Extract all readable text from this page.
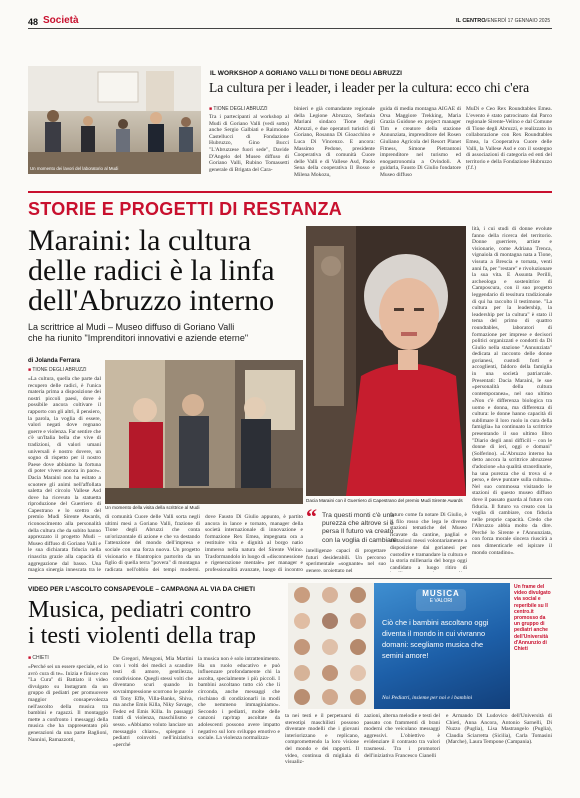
48 Società	IL CENTRO
VENERDÌ 17 GENNAIO 2025
Un momento dei lavori del laboratorio al Mudi
IL WORKSHOP A GORIANO VALLI DI TIONE DEGLI ABRUZZI
La cultura per i leader, i leader per la cultura: ecco chi c'era
■ TIONE DEGLI ABRUZZI
Tra i partecipanti al workshop al Mudi di Goriano Valli (vedi sotto) anche Sergio Galbiati e Raimondo Castellucci di Fondazione Hubruzzo, Gino Bucci "L'Abruzzese fuori sede", Davide D'Angelo del Museo diffuso di Goriano Valli, Rubino Tomassetti generale di Brigata del Cara-
binieri e già comandante regionale della Legione Abruzzo, Stefania Mariani sindaco Tione degli Abruzzi, e due operatori turistici di Goriano, Rosanna Di Gioacchino e Luca Di Vincenzo. E ancora: Massimo Pedone, presidente Cooperativa di comunità Cuore delle Valli e di Vallese Asd, Paolo Sena della cooperativa Il Bosso e Milena Mokozu,
guida di media montagna AIGAE di Orsa Maggiore Trekking, Maria Grazia Guidone ex project manager Tim e creatore della stazione Annunziata, imprenditore del Rosen Giuliano Agricola del Resort Planet Fitness, Simone Pietrantoni imprenditore nel turismo ed enogastronomia a Ovindoli. A guidarla, Fausto Di Giulio fondatore Museo diffuso
MuDi e Ceo Rex Roundtables Emea. L'evento è stato patrocinato dal Parco regionale Sirente-Velino e dal Comune di Tione degli Abruzzi, e realizzato in collaborazione con Rex Roundtables Emea, la Cooperativa Cuore delle Valli, la Vallese Asd e con il sostegno di associazioni di categoria ed enti del territorio e della Fondazione Hubruzzo (f.f.)
STORIE E PROGETTI DI RESTANZA
Maraini: la cultura
delle radici è la linfa
dell'Abruzzo interno
La scrittrice al Mudi – Museo diffuso di Goriano Valli
che ha riunito "Imprenditori innovativi e aziende eterne"
di Jolanda Ferrara
■ TIONE DEGLI ABRUZZI
«La cultura, quella che parte dal recupero delle radici, è l'unica materia prima a disposizione dei nostri piccoli paesi, dove è possibile ancora coltivare il rapporto con gli altri, il pensiero, la parola, la voglia di essere, valori negati dove regnano guerre e violenza. Far sentire che c'è un'Italia bella che vive di tradizioni, di valori umani universali è nostro dovere, un sogno di rispetto per il nostro Paese dove abbiamo la fortuna di poter vivere ancora in pace». Dacia Maraini non ha esitato a scuotere gli animi nell'affollata saletta del circolo Vallese Asd dove ha ricevuto la statuetta riproduzione del Guerriero di Capestrano e lo scettro del premio Mudi Sirente Awards, riconoscimento alla personalità della cultura che da subito hanno apprezzato il progetto Mudi – Museo diffuso di Goriano Valli e le sua dichiarata fiducia nella rinascita grazie alla capacità di aggregazione dal basso. Una magica sinergia innescata tra le
Un momento della visita della scrittrice al Mudi
di comunità Cuore delle Valli sorta negli ultimi mesi a Goriano Valli, frazione di Tione degli Abruzzi che conta un'orizzontale di azione e che va destando l'attenzione del mondo dell'impresa e sociale con una forza nuova. Un progetto visionario e filantropico partorito da un figlio di quella terra "povera" di montagna radicata nell'obbìo dei tempi moderni.
dove Fausto Di Giulio appunto, è partito ancora in lance e tornato, manager della società internazionale di innovazione e formazione Rex Emea, impegnata ora a restituire vita e dignità al borgo natio immerso nella natura del Sirente Velino. Trasformandolo in luogo di «disconnessione e rigenerazione mentale» per manager e professionalità avanzate, luogo di incontro
Dacia Maraini con il Guerriero di Capestrano del premio Mudi Sirente Awards
“ Tra questi monti c'è una purezza che altrove si è persa Il futuro va creato con la voglia di cambiare
intelligenze capaci di progettare futuri desiderabili. Un percorso sperimentale «sognante» nel suo genere, proiettato nel
futuro come fa notare Di Giulio, è il filo rosso che lega le diverse stazioni tematiche del Museo ricavate da cantine, pagliai e abitazioni messi volontariamente a disposizione dai gorianesi per custodire e tramandare la cultura e la storia millenaria del borgo oggi candidato a luogo ritiro di
lità, i cui studi di donne evolute fanno della ricerca del territorio. Donne guerriere, artiste e visionarie, come Adriana Trenca, vignaiola di montagna nata a Tione, vissuta a Brescia e tornata, venti anni fa, per "restare" e rivoluzionare la sua vita. E Assunta Perilli, archeologa e sostenitrice di Camposcura, con il suo progetto leggendario di tessitura tradizionale di qui ha raccolto il testimone. "La cultura per la leadership, la leadership per la cultura" è stato il tema del primo di quattro roundtables, laboratori di formazione per imprese e decisori politici organizzati e condotti da Di Giulio nella stazione "Annunziata" dedicata al racconto delle donne gorianesi, custodi forti e accoglienti, faldoro della famiglia in una società patriarcale. Presentati: Dacia Maraini, le sue «personalità della cultura contemporanea», nel suo ultimo
«Non c'è differenza biologica tra uomo e donna, ma differenza di cultura: le donne hanno capacità di sublimare il loro ruolo in cura della famiglia» ha continuato la scrittrice presentando il suo ultimo libro "Diario degli anni difficili – con le donne di ieri, oggi e domani" (Solferino). «L'Abruzzo interno ha detto ancora la scrittrice abruzzese d'adozione «ha qualità straordinarie, ha una purezza che si trova sì e perso, e deve puntare sulla cultura». Nel suo commossa visitando le stazioni di questo museo diffuso dove il passato guarda al futuro con fiducia. Il futuro va creato con la voglia di cambiare, con fiducia nelle proprie capacità. Credo che l'Abruzzo abbia molto da dire. Perché lo Sirente e l'Annunziata, con forza morale sincera riuscirà a non dimenticarle ed ispirare il mondo contadino».
VIDEO PER L'ASCOLTO CONSAPEVOLE – CAMPAGNA AL VIA DA CHIETI
Musica, pediatri contro
i testi violenti della trap
■ CHIETI
«Perché sei un essere speciale, ed io avrò cura di te». Inizia e finisce con "La Cura" di Battiato il video divulgato su Instagram da un gruppo di pediatri per promuovere maggior consapevolezza nell'ascolto della musica tra bambini e ragazzi. Il montaggio mette a confronto i messaggi della musica che ha rappresentato più generazioni da una parte Baglioni, Nannini, Ramazzotti,
De Gregori, Mengoni, Mia Martini con i volti dei medici a scandire testi di amore, gentilezza, condivisione. Quegli stessi volti che diventano scuri quando in sovraimpressione scorrono le parole di Tony Effe, Villa-Banks, Shiva, ma anche Emis Killa, Niky Savage, Fedez ed Emis Killa. In passaggi tratti di violenza, maschilismo e sesso. «Abbiamo voluto lanciare un messaggio chiaro», spiegano i pediatri coinvolti nell'iniziativa «perché
la musica non è solo intrattenimento. Ha un ruolo educativo e può influenzare profondamente chi la ascolta, specialmente i più piccoli. I bambini ascoltano tutto ciò che li circonda, anche messaggi che rischiano di condizionarli in modi che nemmeno immaginiamo». Secondo i pediatri, molte delle canzoni rap/trap ascoltate da adolescenti possono avere impatto negativo sul loro sviluppo emotivo e sociale. La violenza normalizza-
ta nei testi e il perpetuarsi di stereotipi maschilisti possono diventare modelli che i giovani interiorizzano e replicano, compromettendo la loro visione del mondo e dei rapporti. Il video, continua di migliaia di visualiz-
zazioni, alterna melodie e testi del passato con frammenti di brani moderni che veicolano messaggi aggressivi. L'obiettivo è evidenziare il contrasto tra valori trasmessi. Tra i promotori dell'iniziativa Francesco Cianelli
e Armando Di Ludovico dell'Università di Chieti, Anna Ancora, Antonio Sarnelli, Di Nuzzo (Puglia), Lisa Mastrangelo (Puglia), Claudia Sciarretta (Sicilia), Carla Tomasini (Marche), Laura Tempone (Campania).
MUSICA
E VALORI
Ciò che i bambini ascoltano oggi
diventa il mondo in cui vivranno
domani: scegliamo musica che
semini amore!
Noi Pediatri, insieme per noi e i bambini
Un frame del video divulgato via social e reperibile su Il centro.it promosso da un gruppo di pediatri anche dell'Università d'Annunzio di Chieti
